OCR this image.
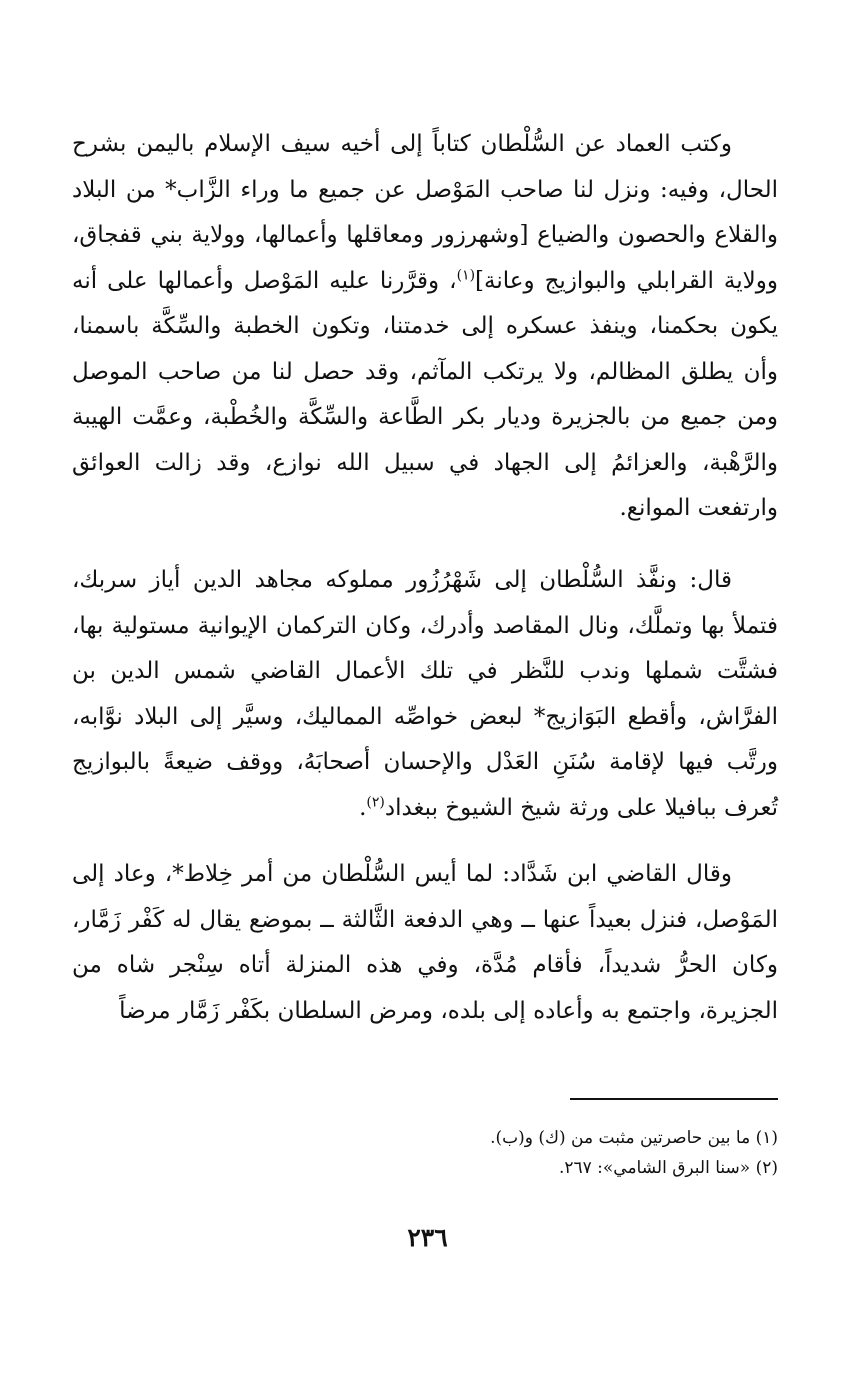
وكتب العماد عن السُّلْطان كتاباً إلى أخيه سيف الإسلام باليمن بشرح الحال، وفيه: ونزل لنا صاحب المَوْصل عن جميع ما وراء الزَّاب* من البلاد والقلاع والحصون والضياع [وشهرزور ومعاقلها وأعمالها، وولاية بني قفجاق، وولاية القرابلي والبوازيج وعانة]$^{(١)}$، وقرَّرنا عليه المَوْصل وأعمالها على أنه يكون بحكمنا، وينفذ عسكره إلى خدمتنا، وتكون الخطبة والسِّكَّة باسمنا، وأن يطلق المظالم، ولا يرتكب المآثم، وقد حصل لنا من صاحب الموصل ومن جميع من بالجزيرة وديار بكر الطَّاعة والسِّكَّة والخُطْبة، وعمَّت الهيبة والرَّهْبة، والعزائمُ إلى الجهاد في سبيل الله نوازع، وقد زالت العوائق وارتفعت الموانع.

قال: ونفَّذ السُّلْطان إلى شَهْرُزُور مملوكه مجاهد الدين أياز سربك، فتملأ بها وتملَّك، ونال المقاصد وأدرك، وكان التركمان الإيوانية مستولية بها، فشتَّت شملها وندب للنَّظر في تلك الأعمال القاضي شمس الدين بن الفرَّاش، وأقطع البَوَازيج* لبعض خواصِّه المماليك، وسيَّر إلى البلاد نوَّابه، ورتَّب فيها لإقامة سُنَنِ العَدْل والإحسان أصحابَهُ، ووقف ضيعةً بالبوازيج تُعرف ببافيلا على ورثة شيخ الشيوخ ببغداد$^{(٢)}$.

وقال القاضي ابن شَدَّاد: لما أيس السُّلْطان من أمر خِلاط*، وعاد إلى المَوْصل، فنزل بعيداً عنها ــ وهي الدفعة الثَّالثة ــ بموضع يقال له كَفْر زَمَّار، وكان الحرُّ شديداً، فأقام مُدَّة، وفي هذه المنزلة أتاه سِنْجر شاه من الجزيرة، واجتمع به وأعاده إلى بلده، ومرض السلطان بكَفْر زَمَّار مرضاً

(١) ما بين حاصرتين مثبت من (ك) و(ب).

(٢) «سنا البرق الشامي»: ٢٦٧.

٢٣٦
